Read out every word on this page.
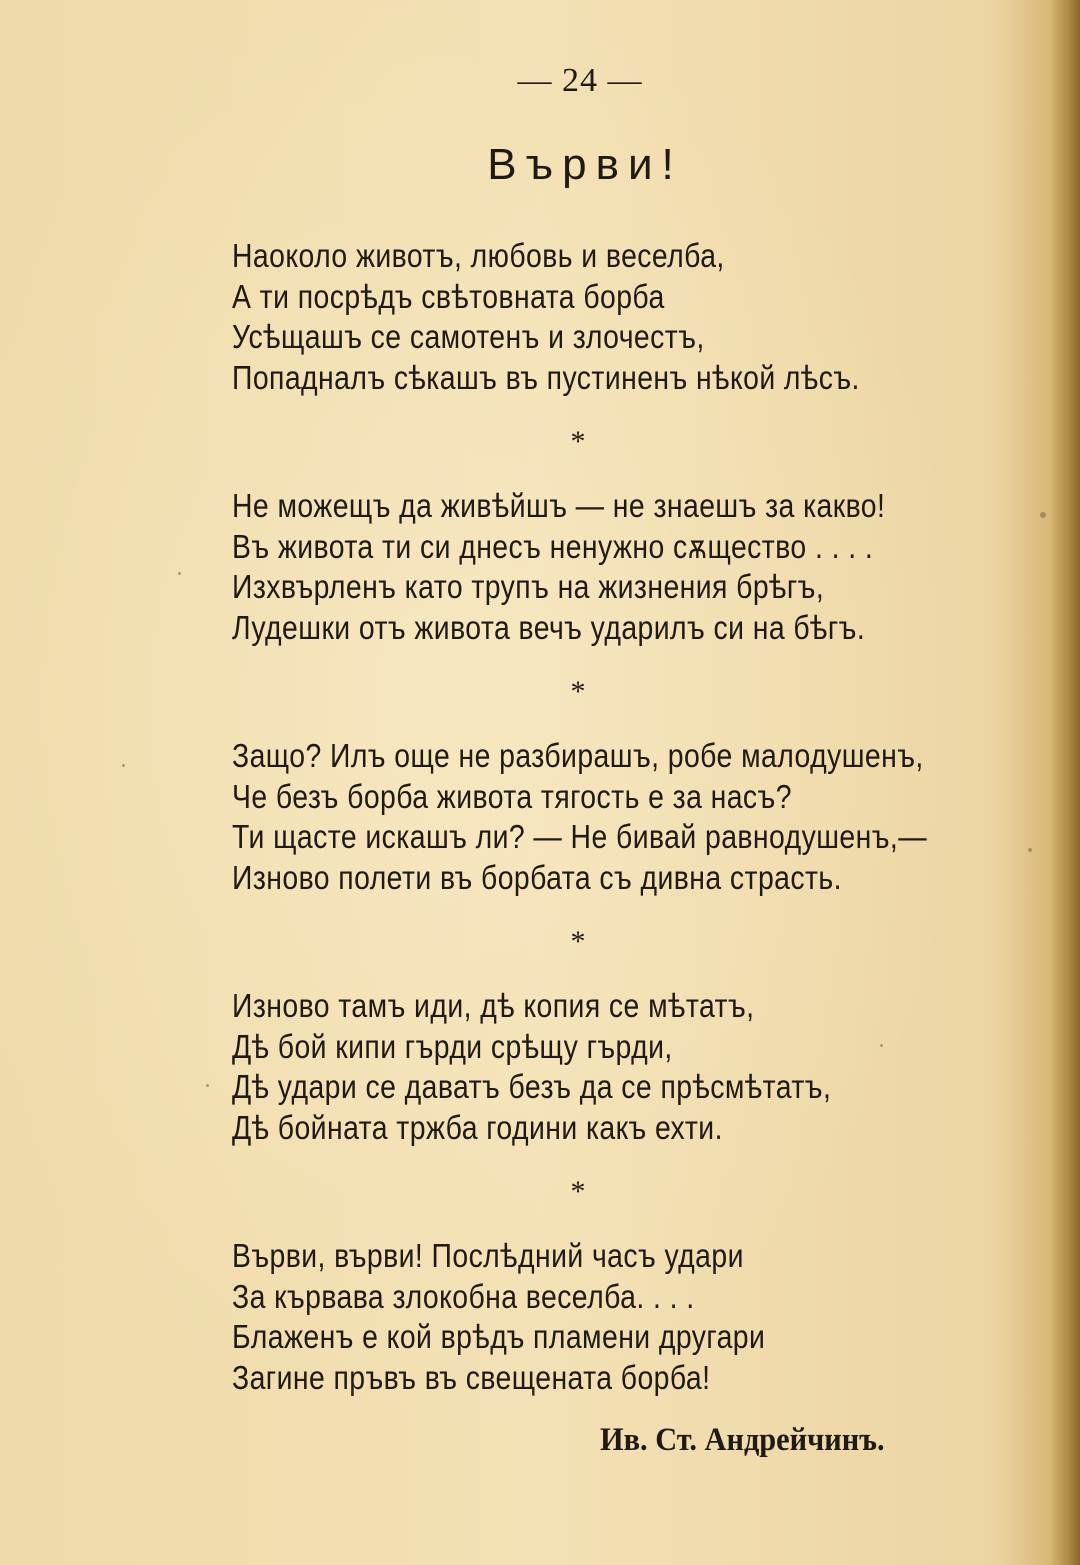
— 24 —
Върви!
Наоколо животъ, любовь и веселба,
А ти посрѣдъ свѣтовната борба
Усѣщашъ се самотенъ и злочестъ,
Попадналъ сѣкашъ въ пустиненъ нѣкой лѣсъ.
*
Не можещъ да живѣйшъ — не знаешъ за какво!
Въ живота ти си днесъ ненужно сѫщество . . . .
Изхвърленъ като трупъ на жизнения брѣгъ,
Лудешки отъ живота вечъ ударилъ си на бѣгъ.
*
Защо? Илъ още не разбирашъ, робе малодушенъ,
Че безъ борба живота тягость е за насъ?
Ти щасте искашъ ли? — Не бивай равнодушенъ,—
Изново полети въ борбата съ дивна страсть.
*
Изново тамъ иди, дѣ копия се мѣтатъ,
Дѣ бой кипи гърди срѣщу гърди,
Дѣ удари се даватъ безъ да се прѣсмѣтатъ,
Дѣ бойната тржба години какъ ехти.
*
Върви, върви! Послѣдний часъ удари
За кървава злокобна веселба. . . .
Блаженъ е кой врѣдъ пламени другари
Загине пръвъ въ свещената борба!
Ив. Ст. Андрейчинъ.
